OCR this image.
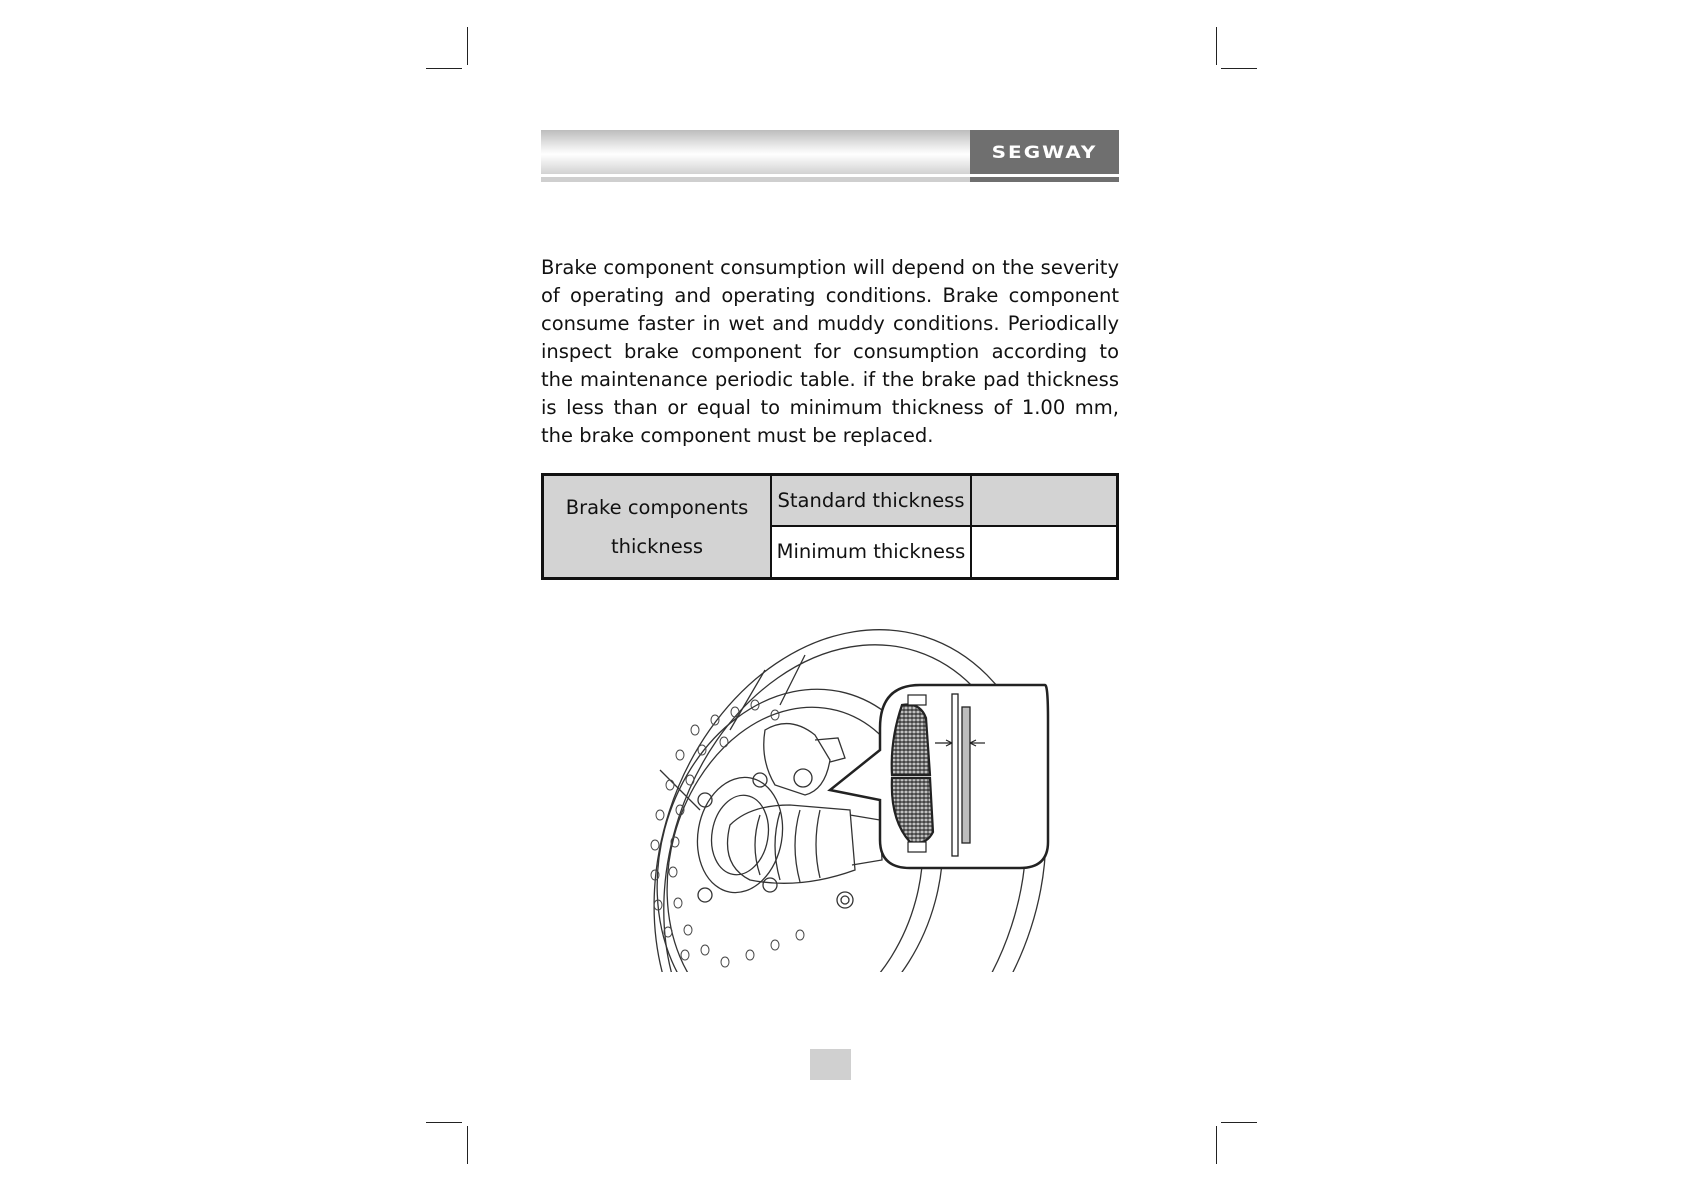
SEGWAY

Brake component consumption will depend on the severity of operating and operating conditions. Brake component consume faster in wet and muddy conditions. Periodically inspect brake component for consumption according to the maintenance periodic table. if the brake pad thickness is less than or equal to minimum thickness of 1.00 mm, the brake component must be replaced.

Brake components
thickness
Standard thickness
Minimum thickness
